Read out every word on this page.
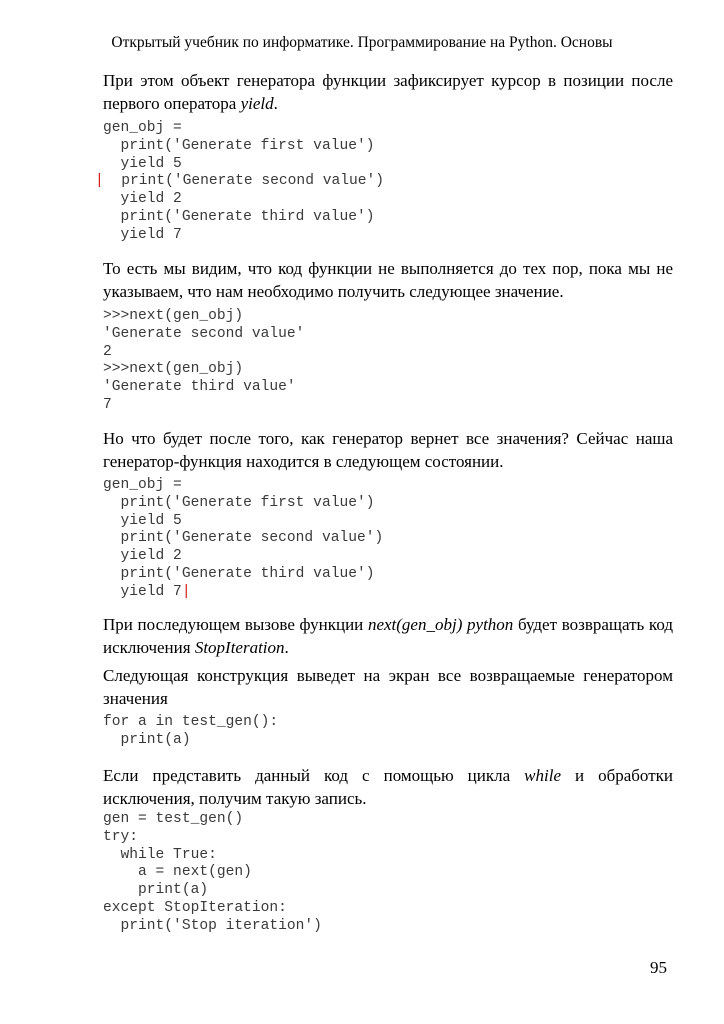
Открытый учебник по информатике. Программирование на Python. Основы
При этом объект генератора функции зафиксирует курсор в позиции после первого оператора yield.
gen_obj =
print('Generate first value')
yield 5
|  print('Generate second value')
yield 2
print('Generate third value')
yield 7
То есть мы видим, что код функции не выполняется до тех пор, пока мы не указываем, что нам необходимо получить следующее значение.
>>>next(gen_obj)
'Generate second value'
2
>>>next(gen_obj)
'Generate third value'
7
Но что будет после того, как генератор вернет все значения? Сейчас наша генератор-функция находится в следующем состоянии.
gen_obj =
print('Generate first value')
yield 5
print('Generate second value')
yield 2
print('Generate third value')
yield 7|
При последующем вызове функции next(gen_obj) python будет возвращать код исключения StopIteration.
Следующая конструкция выведет на экран все возвращаемые генератором значения
for a in test_gen():
print(a)
Если представить данный код с помощью цикла while и обработки исключения, получим такую запись.
gen = test_gen()
try:
while True:
a = next(gen)
print(a)
except StopIteration:
print('Stop iteration')
95
